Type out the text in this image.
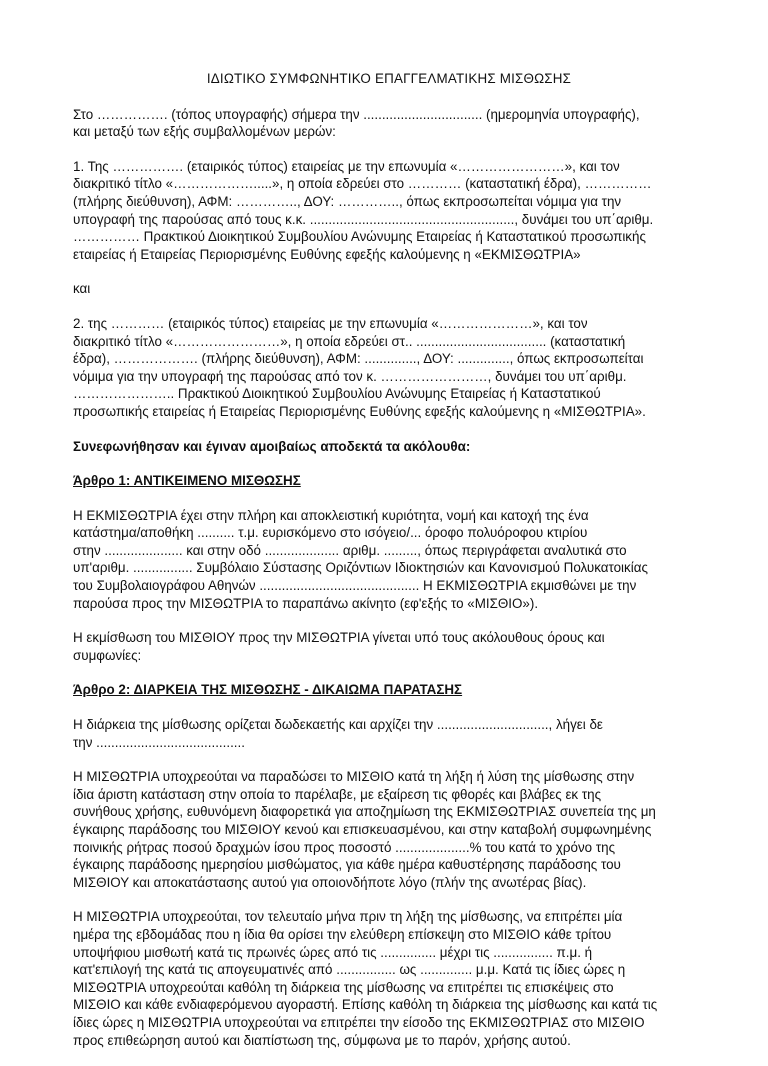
ΙΔΙΩΤΙΚΟ ΣΥΜΦΩΝΗΤΙΚΟ ΕΠΑΓΓΕΛΜΑΤΙΚΗΣ ΜΙΣΘΩΣΗΣ

Στο ……………. (τόπος υπογραφής) σήμερα την ................................ (ημερομηνία υπογραφής),
και μεταξύ των εξής συμβαλλομένων μερών:

1. Της ……………. (εταιρικός τύπος) εταιρείας με την επωνυμία «……………………», και τον
διακριτικό τίτλο «……………….....», η οποία εδρεύει στο ………… (καταστατική έδρα), ……………
(πλήρης διεύθυνση), ΑΦΜ: ………….., ΔΟΥ: ………….., όπως εκπροσωπείται νόμιμα για την
υπογραφή της παρούσας από τους κ.κ. ......................................................., δυνάμει του υπ΄αριθμ.
…………… Πρακτικού Διοικητικού Συμβουλίου Ανώνυμης Εταιρείας ή Καταστατικού προσωπικής
εταιρείας ή Εταιρείας Περιορισμένης Ευθύνης εφεξής καλούμενης η «ΕΚΜΙΣΘΩΤΡΙΑ»

και

2. της ………… (εταιρικός τύπος) εταιρείας με την επωνυμία «…………………», και τον
διακριτικό τίτλο «……………………», η οποία εδρεύει στ.. ................................... (καταστατική
έδρα), ………………. (πλήρης διεύθυνση), ΑΦΜ: .............., ΔΟΥ: .............., όπως εκπροσωπείται
νόμιμα για την υπογραφή της παρούσας από τον κ. ……………………, δυνάμει του υπ΄αριθμ.
………………….. Πρακτικού Διοικητικού Συμβουλίου Ανώνυμης Εταιρείας ή Καταστατικού
προσωπικής εταιρείας ή Εταιρείας Περιορισμένης Ευθύνης εφεξής καλούμενης η «ΜΙΣΘΩΤΡΙΑ».

Συνεφωνήθησαν και έγιναν αμοιβαίως αποδεκτά τα ακόλουθα:

Άρθρο 1: ΑΝΤΙΚΕΙΜΕΝΟ ΜΙΣΘΩΣΗΣ

Η ΕΚΜΙΣΘΩΤΡΙΑ έχει στην πλήρη και αποκλειστική κυριότητα, νομή και κατοχή της ένα
κατάστημα/αποθήκη .......... τ.μ. ευρισκόμενο στο ισόγειο/... όροφο πολυόροφου κτιρίου
στην ..................... και στην οδό .................... αριθμ. ........., όπως περιγράφεται αναλυτικά στο
υπ'αριθμ. ................ Συμβόλαιο Σύστασης Οριζόντιων Ιδιοκτησιών και Κανονισμού Πολυκατοικίας
του Συμβολαιογράφου Αθηνών ........................................... Η ΕΚΜΙΣΘΩΤΡΙΑ εκμισθώνει με την
παρούσα προς την ΜΙΣΘΩΤΡΙΑ το παραπάνω ακίνητο (εφ'εξής το «ΜΙΣΘΙΟ»).

Η εκμίσθωση του ΜΙΣΘΙΟΥ προς την ΜΙΣΘΩΤΡΙΑ γίνεται υπό τους ακόλουθους όρους και
συμφωνίες:

Άρθρο 2: ΔΙΑΡΚΕΙΑ ΤΗΣ ΜΙΣΘΩΣΗΣ - ΔΙΚΑΙΩΜΑ ΠΑΡΑΤΑΣΗΣ

Η διάρκεια της μίσθωσης ορίζεται δωδεκαετής και αρχίζει την .............................., λήγει δε
την ........................................

Η ΜΙΣΘΩΤΡΙΑ υποχρεούται να παραδώσει το ΜΙΣΘΙΟ κατά τη λήξη ή λύση της μίσθωσης στην
ίδια άριστη κατάσταση στην οποία το παρέλαβε, με εξαίρεση τις φθορές και βλάβες εκ της
συνήθους χρήσης, ευθυνόμενη διαφορετικά για αποζημίωση της ΕΚΜΙΣΘΩΤΡΙΑΣ συνεπεία της μη
έγκαιρης παράδοσης του ΜΙΣΘΙΟΥ κενού και επισκευασμένου, και στην καταβολή συμφωνημένης
ποινικής ρήτρας ποσού δραχμών ίσου προς ποσοστό ....................% του κατά το χρόνο της
έγκαιρης παράδοσης ημερησίου μισθώματος, για κάθε ημέρα καθυστέρησης παράδοσης του
ΜΙΣΘΙΟΥ και αποκατάστασης αυτού για οποιονδήποτε λόγο (πλήν της ανωτέρας βίας).

Η ΜΙΣΘΩΤΡΙΑ υποχρεούται, τον τελευταίο μήνα πριν τη λήξη της μίσθωσης, να επιτρέπει μία
ημέρα της εβδομάδας που η ίδια θα ορίσει την ελεύθερη επίσκεψη στο ΜΙΣΘΙΟ κάθε τρίτου
υποψήφιου μισθωτή κατά τις πρωινές ώρες από τις ............... μέχρι τις ................ π.μ. ή
κατ'επιλογή της κατά τις απογευματινές από ................ ως .............. μ.μ. Κατά τις ίδιες ώρες η
ΜΙΣΘΩΤΡΙΑ υποχρεούται καθόλη τη διάρκεια της μίσθωσης να επιτρέπει τις επισκέψεις στο
ΜΙΣΘΙΟ και κάθε ενδιαφερόμενου αγοραστή. Επίσης καθόλη τη διάρκεια της μίσθωσης και κατά τις
ίδιες ώρες η ΜΙΣΘΩΤΡΙΑ υποχρεούται να επιτρέπει την είσοδο της ΕΚΜΙΣΘΩΤΡΙΑΣ στο ΜΙΣΘΙΟ
προς επιθεώρηση αυτού και διαπίστωση της, σύμφωνα με το παρόν, χρήσης αυτού.
